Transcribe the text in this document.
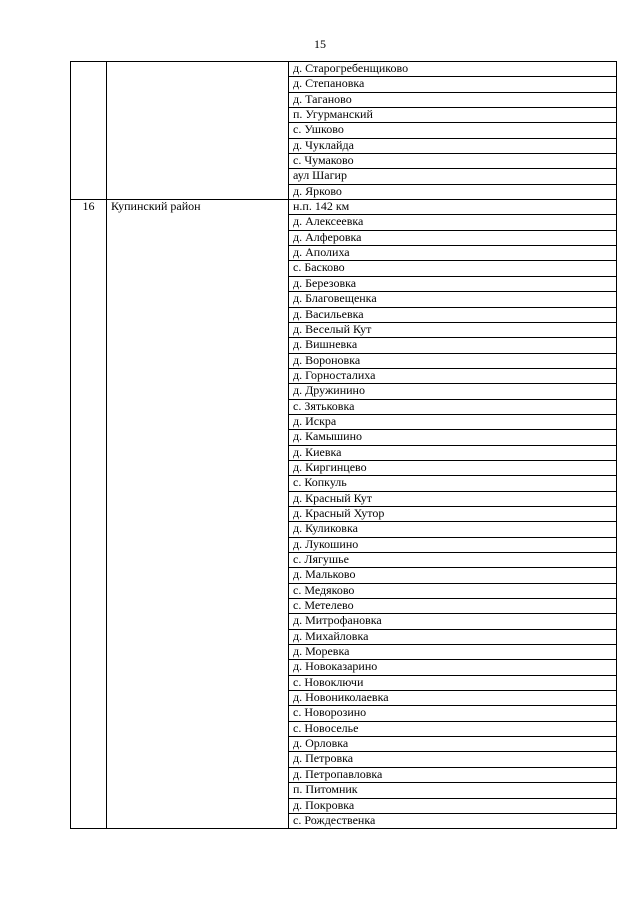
15
		д. Старогребенщиково
		д. Степановка
		д. Таганово
		п. Угурманский
		с. Ушково
		д. Чуклайда
		с. Чумаково
		аул Шагир
		д. Ярково
16	Купинский район	н.п. 142 км
		д. Алексеевка
		д. Алферовка
		д. Аполиха
		с. Басково
		д. Березовка
		д. Благовещенка
		д. Васильевка
		д. Веселый Кут
		д. Вишневка
		д. Вороновка
		д. Горносталиха
		д. Дружинино
		с. Зятьковка
		д. Искра
		д. Камышино
		д. Киевка
		д. Киргинцево
		с. Копкуль
		д. Красный Кут
		д. Красный Хутор
		д. Куликовка
		д. Лукошино
		с. Лягушье
		д. Мальково
		с. Медяково
		с. Метелево
		д. Митрофановка
		д. Михайловка
		д. Моревка
		д. Новоказарино
		с. Новоключи
		д. Новониколаевка
		с. Новорозино
		с. Новоселье
		д. Орловка
		д. Петровка
		д. Петропавловка
		п. Питомник
		д. Покровка
		с. Рождественка
